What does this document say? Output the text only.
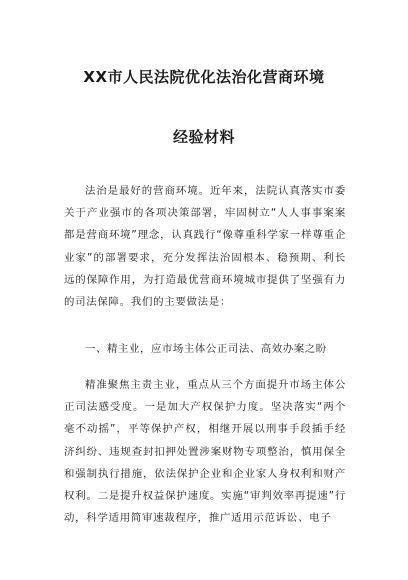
XX市人民法院优化法治化营商环境
经验材料

法治是最好的营商环境。近年来，法院认真落实市委关于产业强市的各项决策部署，牢固树立“人人事事案案都是营商环境”理念，认真践行“像尊重科学家一样尊重企业家”的部署要求，充分发挥法治固根本、稳预期、利长远的保障作用，为打造最优营商环境城市提供了坚强有力的司法保障。我们的主要做法是：

一、精主业，应市场主体公正司法、高效办案之盼

精准聚焦主责主业，重点从三个方面提升市场主体公正司法感受度。一是加大产权保护力度。坚决落实“两个毫不动摇”，平等保护产权，相继开展以刑事手段插手经济纠纷、违规查封扣押处置涉案财物专项整治，慎用保全和强制执行措施，依法保护企业和企业家人身权利和财产权利。二是提升权益保护速度。实施“审判效率再提速”行动，科学适用简审速裁程序，推广适用示范诉讼、电子
